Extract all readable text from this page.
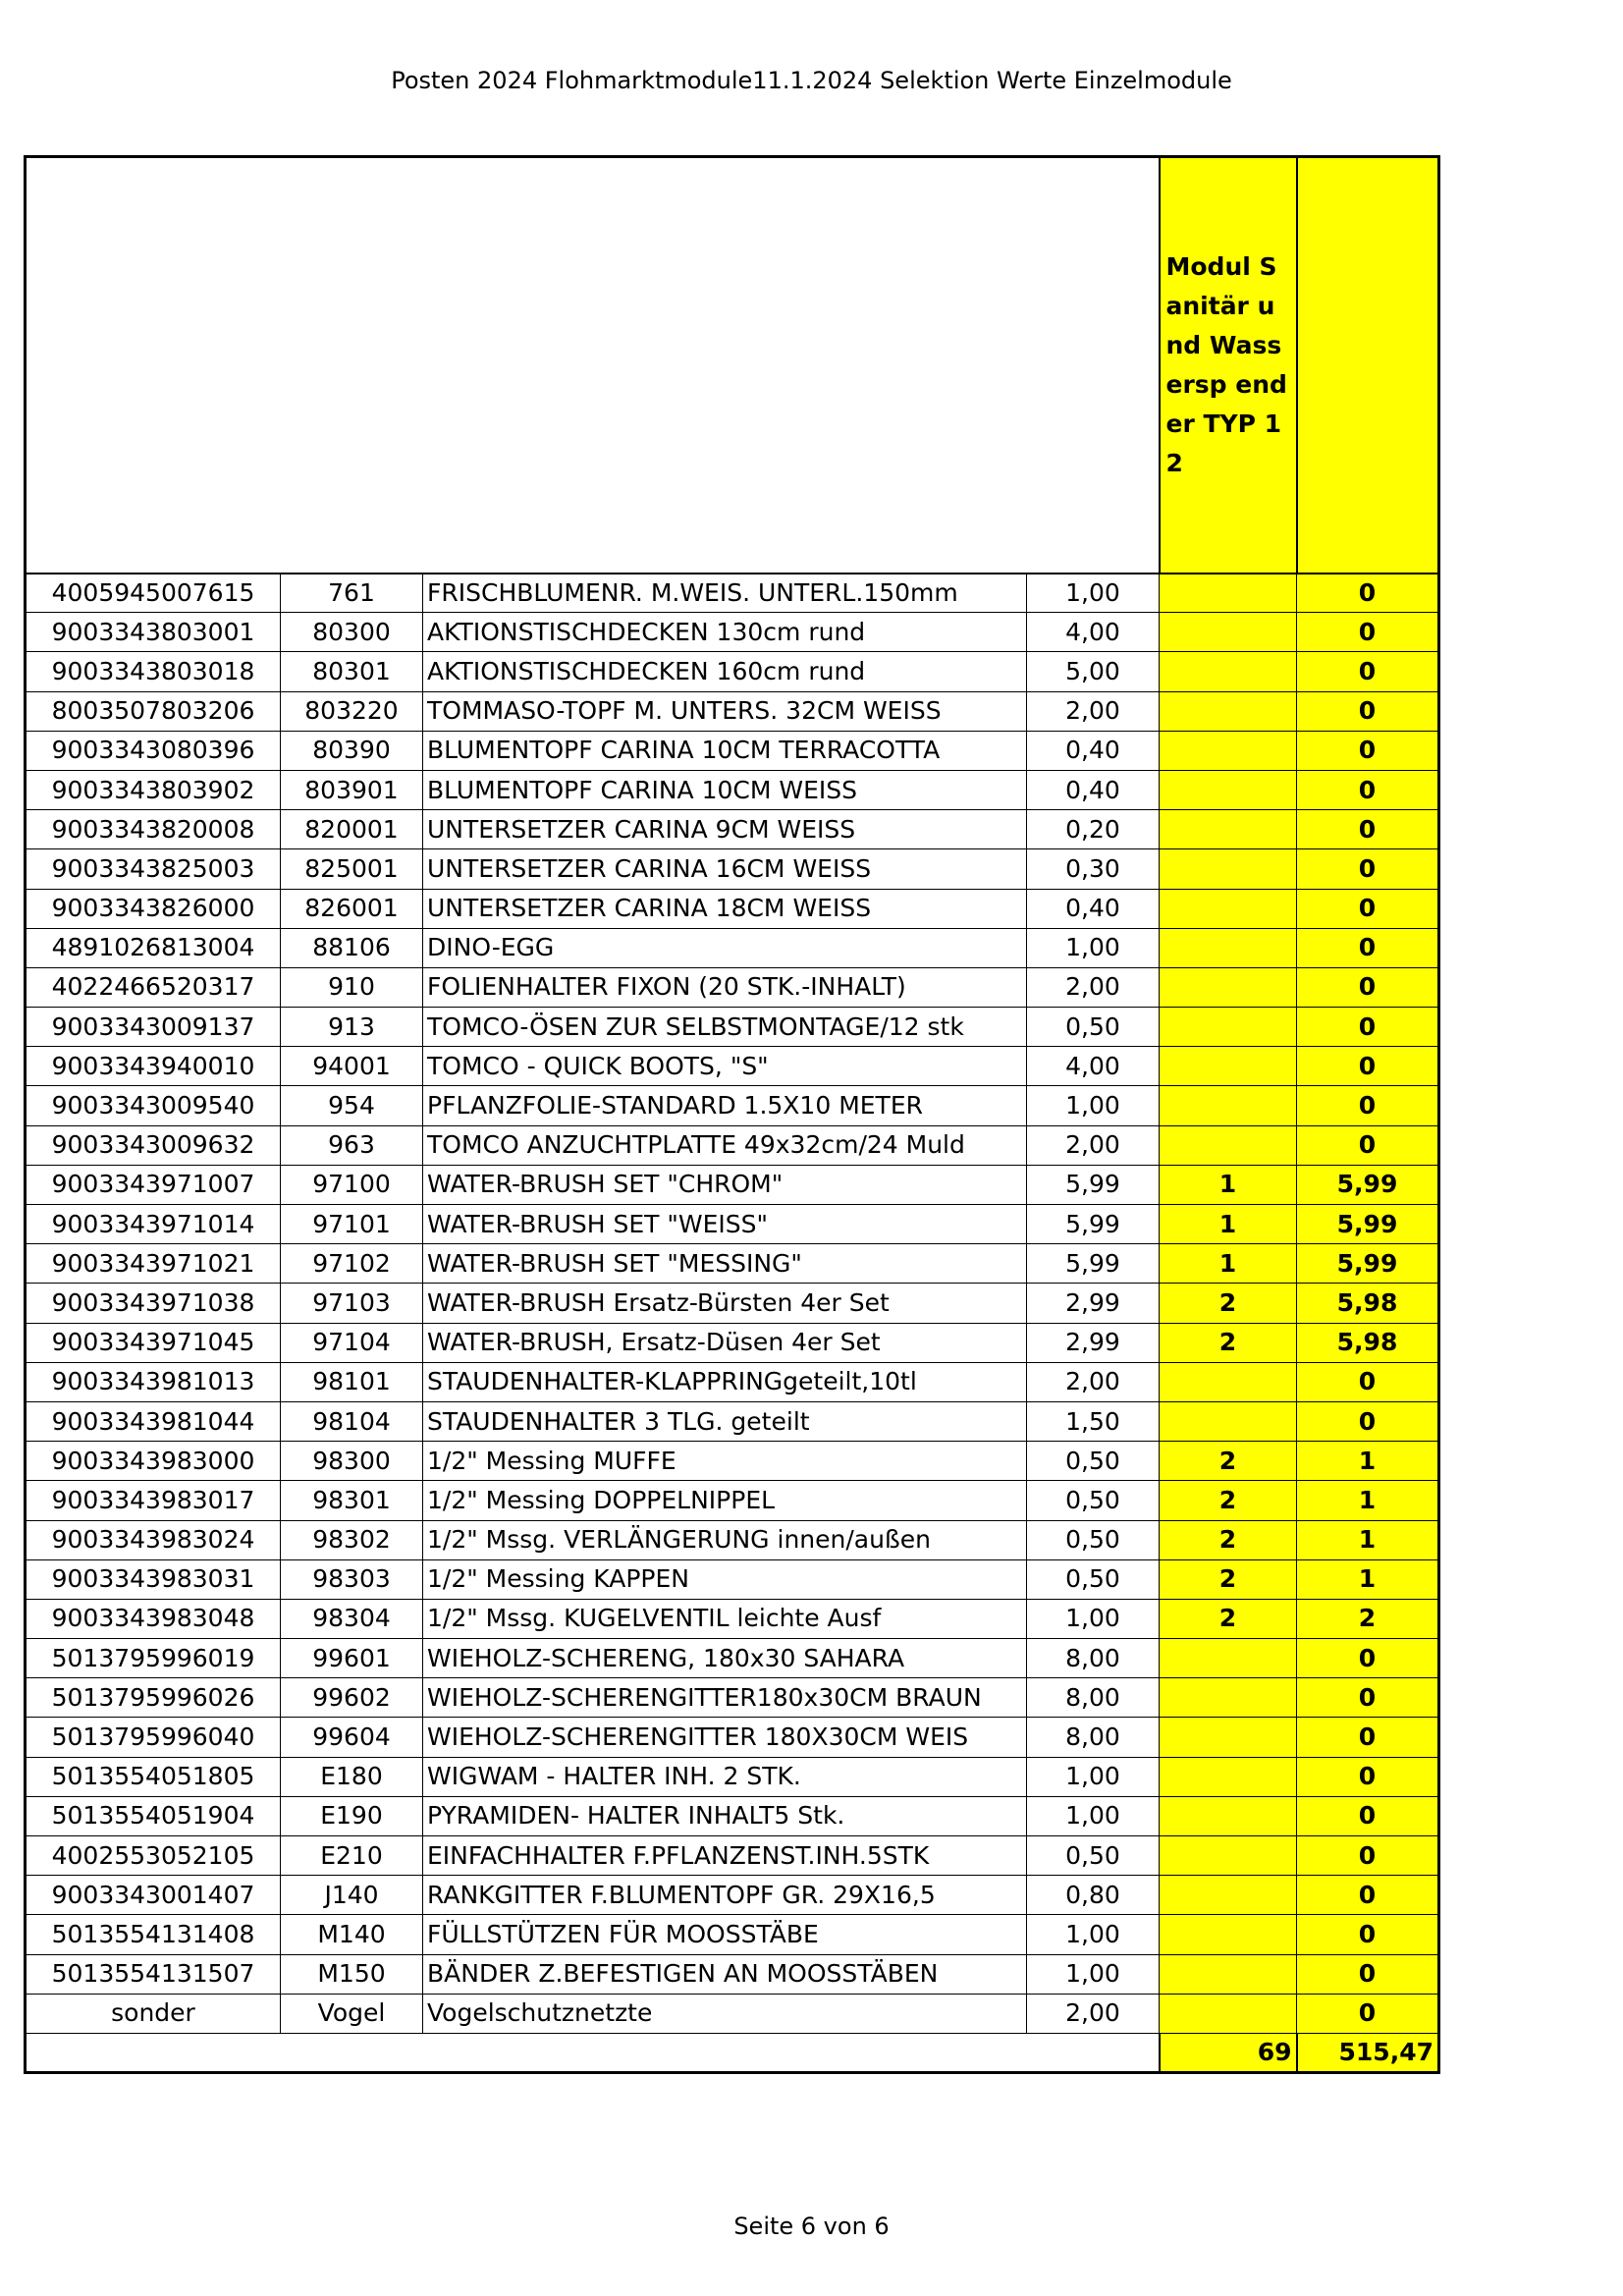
Posten 2024 Flohmarktmodule11.1.2024 Selektion Werte Einzelmodule

				Modul Sanitär und Wassersp ender TYP 12	

4005945007615	761	FRISCHBLUMENR. M.WEIS. UNTERL.150mm	1,00		0
9003343803001	80300	AKTIONSTISCHDECKEN 130cm rund	4,00		0
9003343803018	80301	AKTIONSTISCHDECKEN 160cm rund	5,00		0
8003507803206	803220	TOMMASO-TOPF M. UNTERS. 32CM WEISS	2,00		0
9003343080396	80390	BLUMENTOPF CARINA 10CM TERRACOTTA	0,40		0
9003343803902	803901	BLUMENTOPF CARINA 10CM WEISS	0,40		0
9003343820008	820001	UNTERSETZER CARINA 9CM WEISS	0,20		0
9003343825003	825001	UNTERSETZER CARINA 16CM WEISS	0,30		0
9003343826000	826001	UNTERSETZER CARINA 18CM WEISS	0,40		0
4891026813004	88106	DINO-EGG	1,00		0
4022466520317	910	FOLIENHALTER FIXON (20 STK.-INHALT)	2,00		0
9003343009137	913	TOMCO-ÖSEN ZUR SELBSTMONTAGE/12 stk	0,50		0
9003343940010	94001	TOMCO - QUICK BOOTS, "S"	4,00		0
9003343009540	954	PFLANZFOLIE-STANDARD 1.5X10 METER	1,00		0
9003343009632	963	TOMCO ANZUCHTPLATTE 49x32cm/24 Muld	2,00		0
9003343971007	97100	WATER-BRUSH SET "CHROM"	5,99	1	5,99
9003343971014	97101	WATER-BRUSH SET "WEISS"	5,99	1	5,99
9003343971021	97102	WATER-BRUSH SET "MESSING"	5,99	1	5,99
9003343971038	97103	WATER-BRUSH Ersatz-Bürsten 4er Set	2,99	2	5,98
9003343971045	97104	WATER-BRUSH, Ersatz-Düsen 4er Set	2,99	2	5,98
9003343981013	98101	STAUDENHALTER-KLAPPRINGgeteilt,10tl	2,00		0
9003343981044	98104	STAUDENHALTER 3 TLG. geteilt	1,50		0
9003343983000	98300	1/2" Messing MUFFE	0,50	2	1
9003343983017	98301	1/2" Messing DOPPELNIPPEL	0,50	2	1
9003343983024	98302	1/2" Mssg. VERLÄNGERUNG innen/außen	0,50	2	1
9003343983031	98303	1/2" Messing KAPPEN	0,50	2	1
9003343983048	98304	1/2" Mssg. KUGELVENTIL leichte Ausf	1,00	2	2
5013795996019	99601	WIEHOLZ-SCHERENG, 180x30 SAHARA	8,00		0
5013795996026	99602	WIEHOLZ-SCHERENGITTER180x30CM BRAUN	8,00		0
5013795996040	99604	WIEHOLZ-SCHERENGITTER 180X30CM WEIS	8,00		0
5013554051805	E180	WIGWAM - HALTER INH. 2 STK.	1,00		0
5013554051904	E190	PYRAMIDEN- HALTER INHALT5 Stk.	1,00		0
4002553052105	E210	EINFACHHALTER F.PFLANZENST.INH.5STK	0,50		0
9003343001407	J140	RANKGITTER F.BLUMENTOPF GR. 29X16,5	0,80		0
5013554131408	M140	FÜLLSTÜTZEN FÜR MOOSSTÄBE	1,00		0
5013554131507	M150	BÄNDER Z.BEFESTIGEN AN MOOSSTÄBEN	1,00		0
sonder	Vogel	Vogelschutznetzte	2,00		0
				69	515,47
Seite 6 von 6
